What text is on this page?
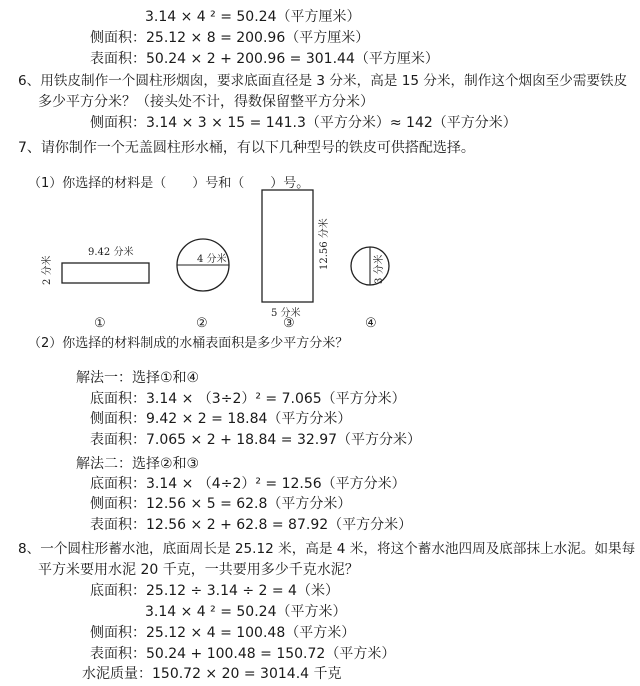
3.14 × 4 ² = 50.24（平方厘米）
侧面积：25.12 × 8 = 200.96（平方厘米）
表面积：50.24 × 2 + 200.96 = 301.44（平方厘米）
6、用铁皮制作一个圆柱形烟囱，要求底面直径是 3 分米，高是 15 分米，制作这个烟囱至少需要铁皮
多少平方分米？（接头处不计，得数保留整平方分米）
侧面积：3.14 × 3 × 15 = 141.3（平方分米）≈ 142（平方分米）
7、请你制作一个无盖圆柱形水桶，有以下几种型号的铁皮可供搭配选择。
（1）你选择的材料是（　　）号和（　　）号。
9.42 分米
2 分米	4 分米	12.56 分米
5 分米
3 分米
①	②	③	④
（2）你选择的材料制成的水桶表面积是多少平方分米？
解法一：选择①和④
底面积：3.14 × （3÷2）² = 7.065（平方分米）
侧面积：9.42 × 2 = 18.84（平方分米）
表面积：7.065 × 2 + 18.84 = 32.97（平方分米）
解法二：选择②和③
底面积：3.14 × （4÷2）² = 12.56（平方分米）
侧面积：12.56 × 5 = 62.8（平方分米）
表面积：12.56 × 2 + 62.8 = 87.92（平方分米）
8、一个圆柱形蓄水池，底面周长是 25.12 米，高是 4 米，将这个蓄水池四周及底部抹上水泥。如果每
平方米要用水泥 20 千克，一共要用多少千克水泥？
底面积：25.12 ÷ 3.14 ÷ 2 = 4（米）
3.14 × 4 ² = 50.24（平方米）
侧面积：25.12 × 4 = 100.48（平方米）
表面积：50.24 + 100.48 = 150.72（平方米）
水泥质量：150.72 × 20 = 3014.4 千克
